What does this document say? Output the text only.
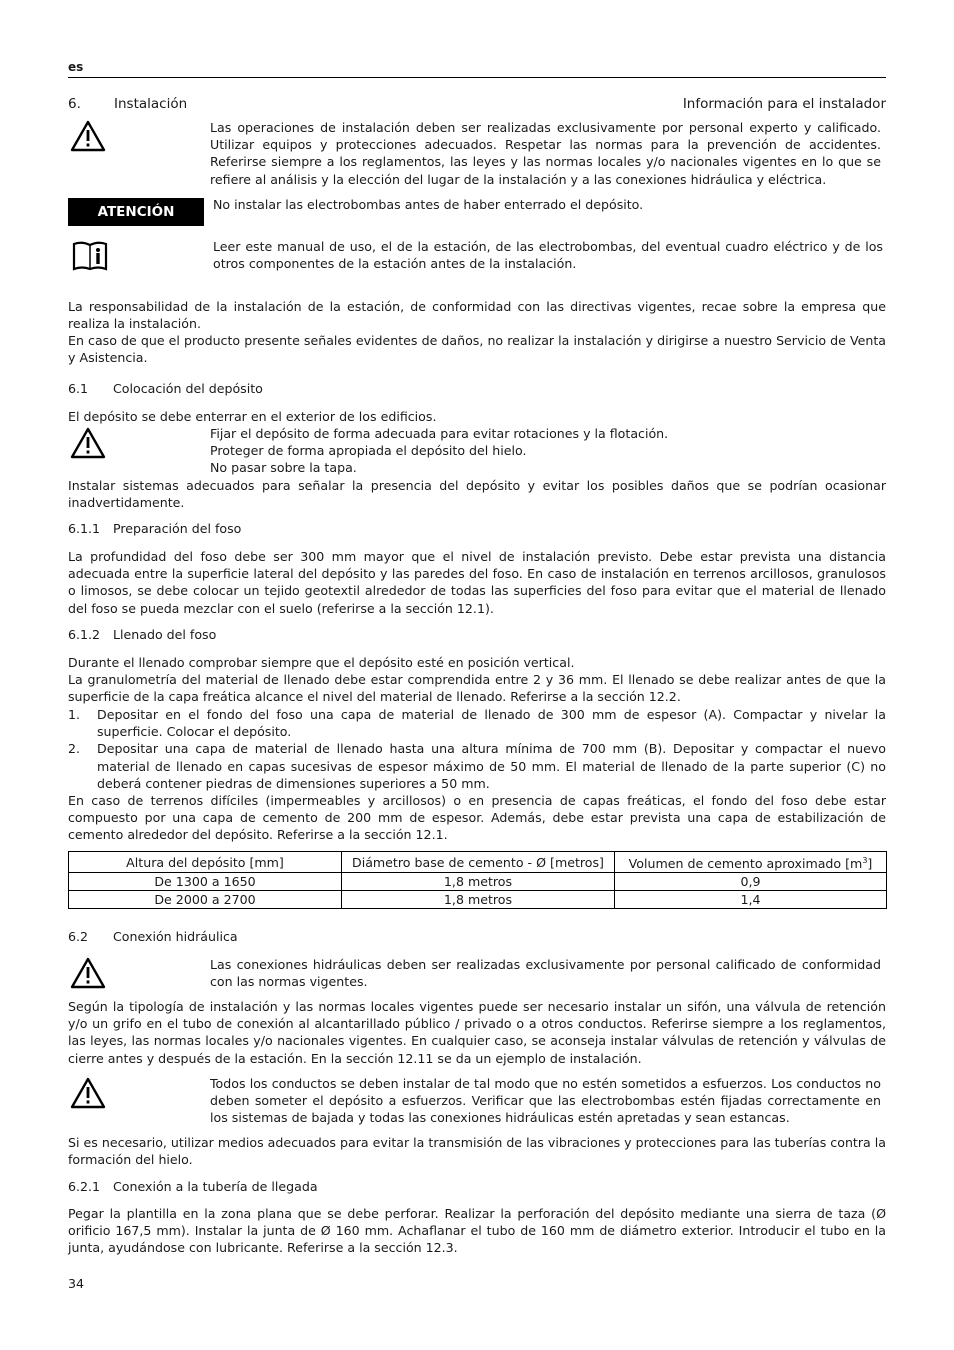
es
6. Instalación	Información para el instalador

Las operaciones de instalación deben ser realizadas exclusivamente por personal experto y calificado. Utilizar equipos y protecciones adecuados. Respetar las normas para la prevención de accidentes. Referirse siempre a los reglamentos, las leyes y las normas locales y/o nacionales vigentes en lo que se refiere al análisis y la elección del lugar de la instalación y a las conexiones hidráulica y eléctrica.

ATENCIÓN	No instalar las electrobombas antes de haber enterrado el depósito.

Leer este manual de uso, el de la estación, de las electrobombas, del eventual cuadro eléctrico y de los otros componentes de la estación antes de la instalación.

La responsabilidad de la instalación de la estación, de conformidad con las directivas vigentes, recae sobre la empresa que realiza la instalación.

En caso de que el producto presente señales evidentes de daños, no realizar la instalación y dirigirse a nuestro Servicio de Venta y Asistencia.

6.1 Colocación del depósito

El depósito se debe enterrar en el exterior de los edificios.

Fijar el depósito de forma adecuada para evitar rotaciones y la flotación.

Proteger de forma apropiada el depósito del hielo.

No pasar sobre la tapa.

Instalar sistemas adecuados para señalar la presencia del depósito y evitar los posibles daños que se podrían ocasionar inadvertidamente.

6.1.1 Preparación del foso

La profundidad del foso debe ser 300 mm mayor que el nivel de instalación previsto. Debe estar prevista una distancia adecuada entre la superficie lateral del depósito y las paredes del foso. En caso de instalación en terrenos arcillosos, granulosos o limosos, se debe colocar un tejido geotextil alrededor de todas las superficies del foso para evitar que el material de llenado del foso se pueda mezclar con el suelo (referirse a la sección 12.1).

6.1.2 Llenado del foso

Durante el llenado comprobar siempre que el depósito esté en posición vertical.

La granulometría del material de llenado debe estar comprendida entre 2 y 36 mm. El llenado se debe realizar antes de que la superficie de la capa freática alcance el nivel del material de llenado. Referirse a la sección 12.2.

1. Depositar en el fondo del foso una capa de material de llenado de 300 mm de espesor (A). Compactar y nivelar la superficie. Colocar el depósito.
2. Depositar una capa de material de llenado hasta una altura mínima de 700 mm (B). Depositar y compactar el nuevo material de llenado en capas sucesivas de espesor máximo de 50 mm. El material de llenado de la parte superior (C) no deberá contener piedras de dimensiones superiores a 50 mm.

En caso de terrenos difíciles (impermeables y arcillosos) o en presencia de capas freáticas, el fondo del foso debe estar compuesto por una capa de cemento de 200 mm de espesor. Además, debe estar prevista una capa de estabilización de cemento alrededor del depósito. Referirse a la sección 12.1.

Altura del depósito [mm]	Diámetro base de cemento - Ø [metros]	Volumen de cemento aproximado $[m^3]$
De 1300 a 1650	1,8 metros	0,9
De 2000 a 2700	1,8 metros	1,4
6.2 Conexión hidráulica

Las conexiones hidráulicas deben ser realizadas exclusivamente por personal calificado de conformidad con las normas vigentes.

Según la tipología de instalación y las normas locales vigentes puede ser necesario instalar un sifón, una válvula de retención y/o un grifo en el tubo de conexión al alcantarillado público / privado o a otros conductos. Referirse siempre a los reglamentos, las leyes, las normas locales y/o nacionales vigentes. En cualquier caso, se aconseja instalar válvulas de retención y válvulas de cierre antes y después de la estación. En la sección 12.11 se da un ejemplo de instalación.

Todos los conductos se deben instalar de tal modo que no estén sometidos a esfuerzos. Los conductos no deben someter el depósito a esfuerzos. Verificar que las electrobombas estén fijadas correctamente en los sistemas de bajada y todas las conexiones hidráulicas estén apretadas y sean estancas.

Si es necesario, utilizar medios adecuados para evitar la transmisión de las vibraciones y protecciones para las tuberías contra la formación del hielo.

6.2.1 Conexión a la tubería de llegada

Pegar la plantilla en la zona plana que se debe perforar. Realizar la perforación del depósito mediante una sierra de taza (Ø orificio 167,5 mm). Instalar la junta de Ø 160 mm. Achaflanar el tubo de 160 mm de diámetro exterior. Introducir el tubo en la junta, ayudándose con lubricante. Referirse a la sección 12.3.

34
